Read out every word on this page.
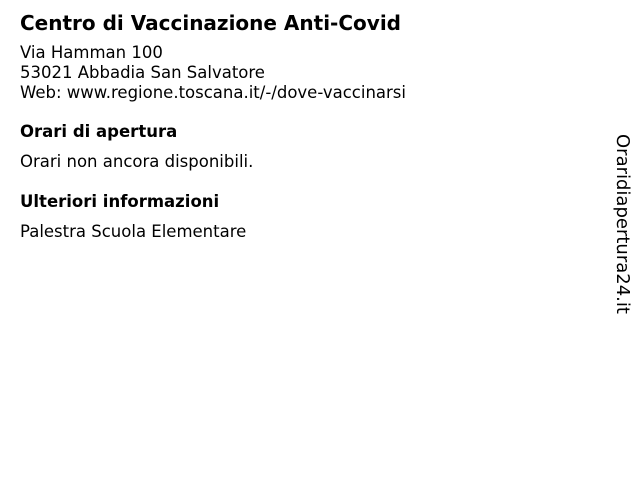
Centro di Vaccinazione Anti-Covid
Via Hamman 100
53021 Abbadia San Salvatore
Web: www.regione.toscana.it/-/dove-vaccinarsi
Orari di apertura

Orari non ancora disponibili.

Ulteriori informazioni

Palestra Scuola Elementare	Oraridiapertura24.it
